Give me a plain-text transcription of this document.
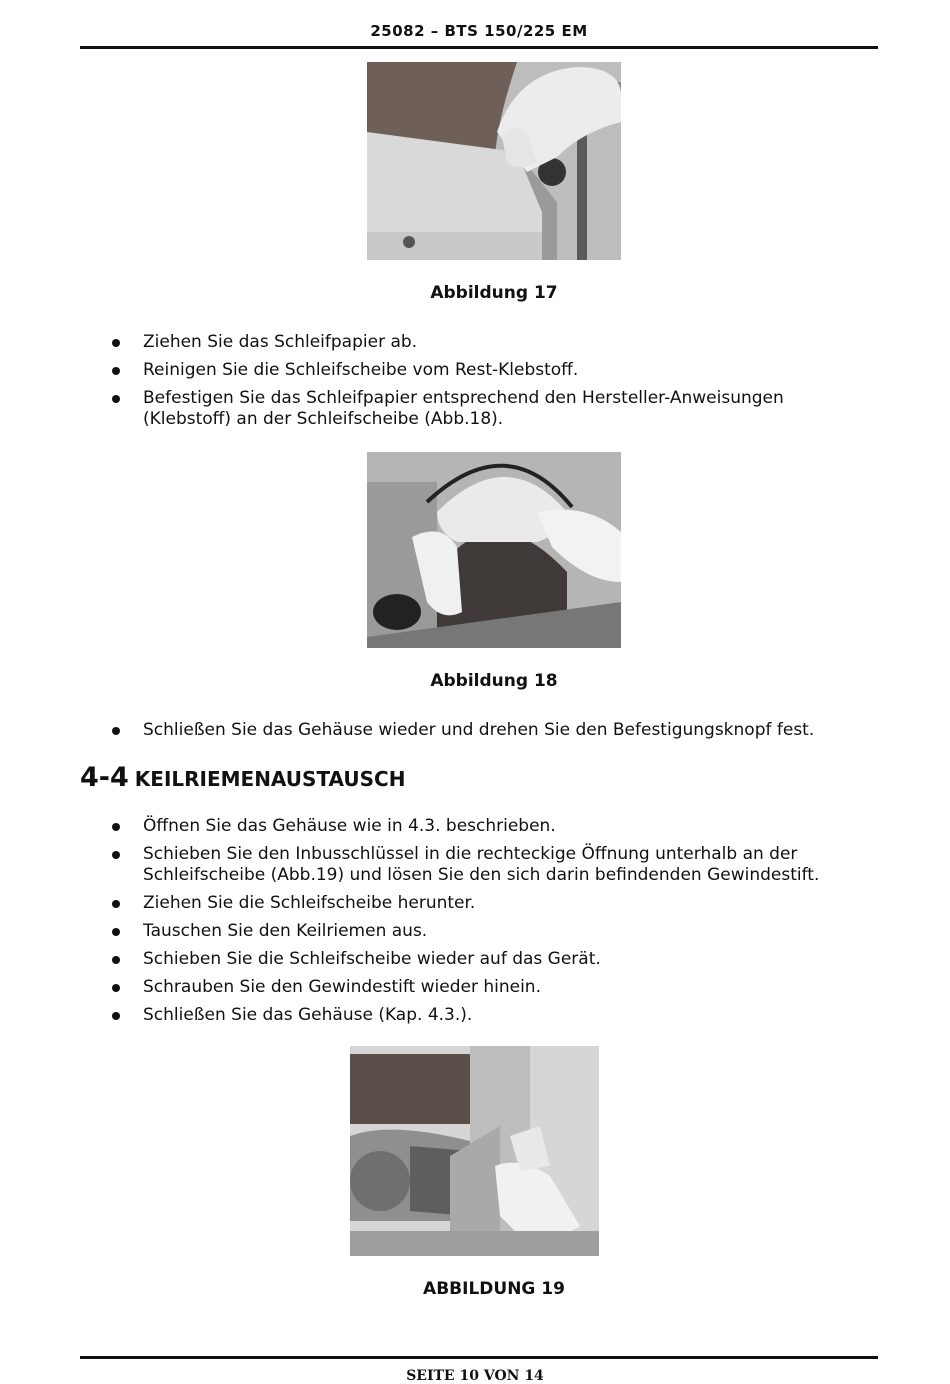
25082 – BTS 150/225 EM
Abbildung 17
Ziehen Sie das Schleifpapier ab.
Reinigen Sie die Schleifscheibe vom Rest-Klebstoff.
Befestigen Sie das Schleifpapier entsprechend den Hersteller-Anweisungen (Klebstoff) an der Schleifscheibe (Abb.18).
Abbildung 18
Schließen Sie das Gehäuse wieder und drehen Sie den Befestigungsknopf fest.
4-4 KEILRIEMENAUSTAUSCH
Öffnen Sie das Gehäuse wie in 4.3. beschrieben.
Schieben Sie den Inbusschlüssel in die rechteckige Öffnung unterhalb an der Schleifscheibe (Abb.19) und lösen Sie den sich darin befindenden Gewindestift.
Ziehen Sie die Schleifscheibe herunter.
Tauschen Sie den Keilriemen aus.
Schieben Sie die Schleifscheibe wieder auf das Gerät.
Schrauben Sie den Gewindestift wieder hinein.
Schließen Sie das Gehäuse (Kap. 4.3.).
ABBILDUNG 19
SEITE 10 VON 14
